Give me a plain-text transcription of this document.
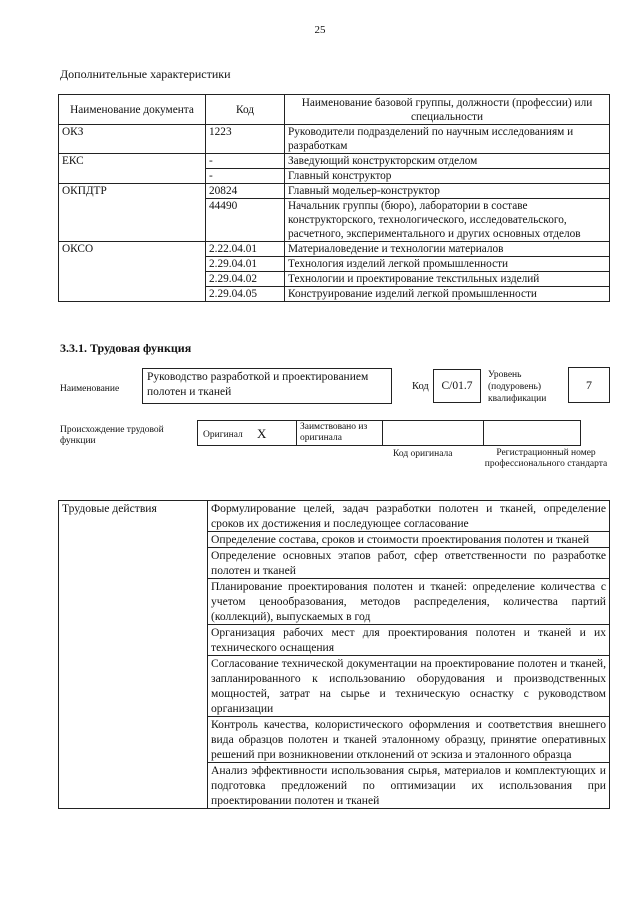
25
Дополнительные характеристики
Наименование документа	Код	Наименование базовой группы, должности (профессии) или специальности
ОКЗ	1223	Руководители подразделений по научным исследованиям и разработкам
ЕКС	-	Заведующий конструкторским отделом
	-	Главный конструктор
ОКПДТР	20824	Главный модельер-конструктор
	44490	Начальник группы (бюро), лаборатории в составе конструкторского, технологического, исследовательского, расчетного, экспериментального и других основных отделов
ОКСО	2.22.04.01	Материаловедение и технологии материалов
	2.29.04.01	Технология изделий легкой промышленности
	2.29.04.02	Технологии и проектирование текстильных изделий
	2.29.04.05	Конструирование изделий легкой промышленности
3.3.1. Трудовая функция
Наименование
Руководство разработкой и проектированием полотен и тканей	Код	С/01.7
Уровень (подуровень) квалификации
7
Происхождение трудовой функции
Оригинал Х	Заимствовано из оригинала
Код оригинала	Регистрационный номер профессионального стандарта
Трудовые действия	Формулирование целей, задач разработки полотен и тканей, определение сроков их достижения и последующее согласование
Определение состава, сроков и стоимости проектирования полотен и тканей
Определение основных этапов работ, сфер ответственности по разработке полотен и тканей
Планирование проектирования полотен и тканей: определение количества с учетом ценообразования, методов распределения, количества партий (коллекций), выпускаемых в год
Организация рабочих мест для проектирования полотен и тканей и их технического оснащения
Согласование технической документации на проектирование полотен и тканей, запланированного к использованию оборудования и производственных мощностей, затрат на сырье и техническую оснастку с руководством организации
Контроль качества, колористического оформления и соответствия внешнего вида образцов полотен и тканей эталонному образцу, принятие оперативных решений при возникновении отклонений от эскиза и эталонного образца
Анализ эффективности использования сырья, материалов и комплектующих и подготовка предложений по оптимизации их использования при проектировании полотен и тканей
